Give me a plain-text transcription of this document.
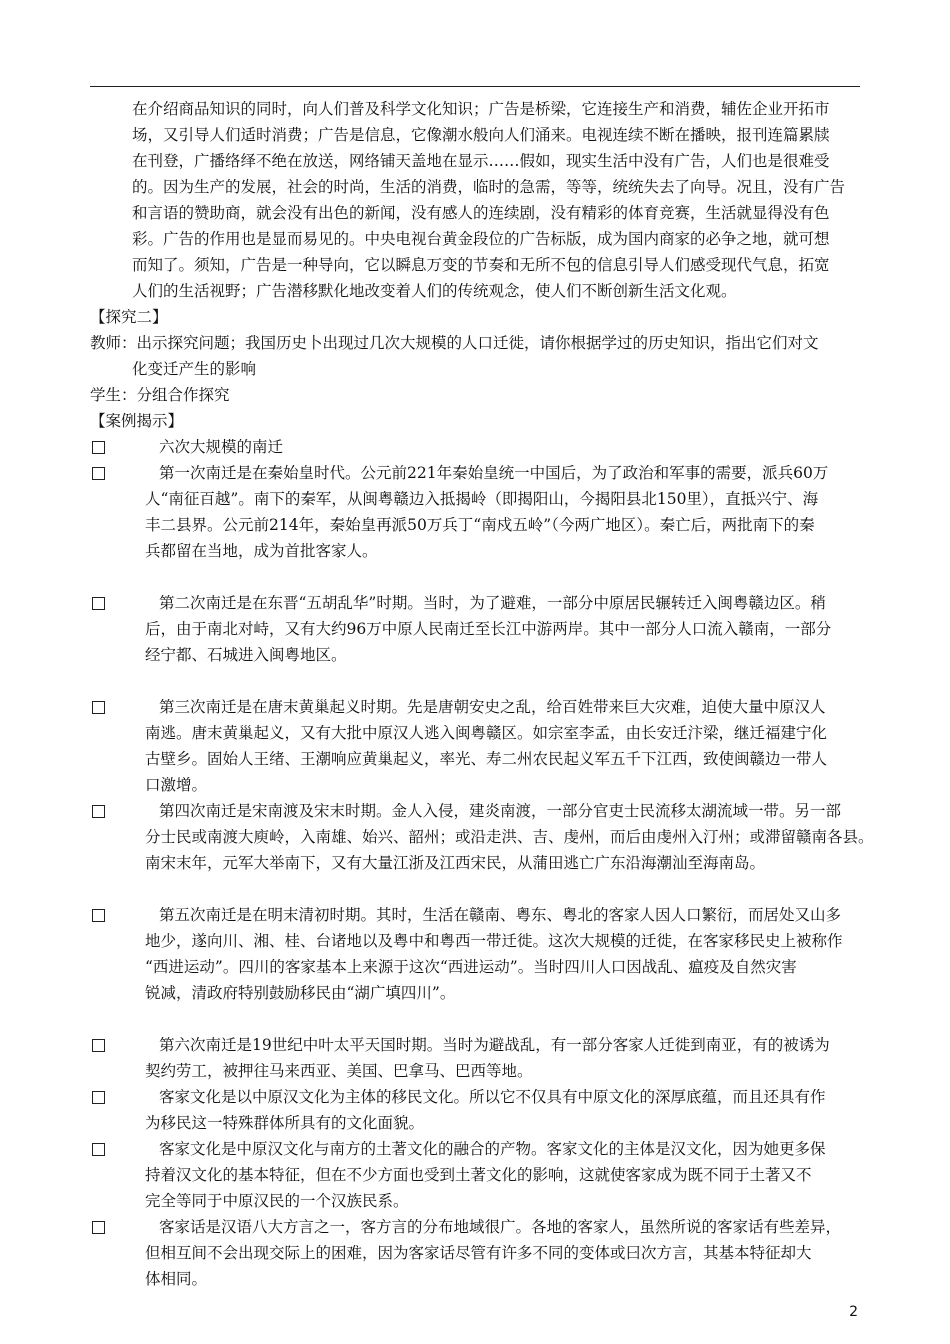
在介绍商品知识的同时，向人们普及科学文化知识；广告是桥梁，它连接生产和消费，辅佐企业开拓市
场，又引导人们适时消费；广告是信息，它像潮水般向人们涌来。电视连续不断在播映，报刊连篇累牍
在刊登，广播络绎不绝在放送，网络铺天盖地在显示……假如，现实生活中没有广告，人们也是很难受
的。因为生产的发展，社会的时尚，生活的消费，临时的急需，等等，统统失去了向导。况且，没有广告
和言语的赞助商，就会没有出色的新闻，没有感人的连续剧，没有精彩的体育竞赛，生活就显得没有色
彩。广告的作用也是显而易见的。中央电视台黄金段位的广告标版，成为国内商家的必争之地，就可想
而知了。须知，广告是一种导向，它以瞬息万变的节奏和无所不包的信息引导人们感受现代气息，拓宽
人们的生活视野；广告潜移默化地改变着人们的传统观念，使人们不断创新生活文化观。
【探究二】
教师：出示探究问题；我国历史卜出现过几次大规模的人口迁徙，请你根据学过的历史知识，指出它们对文
化变迁产生的影响
学生：分组合作探究
【案例揭示】
六次大规模的南迁
第一次南迁是在秦始皇时代。公元前221年秦始皇统一中国后，为了政治和军事的需要，派兵60万
人“南征百越”。南下的秦军，从闽粤赣边入抵揭岭（即揭阳山，今揭阳县北150里），直抵兴宁、海
丰二县界。公元前214年，秦始皇再派50万兵丁“南戍五岭”（今两广地区）。秦亡后，两批南下的秦
兵都留在当地，成为首批客家人。
第二次南迁是在东晋“五胡乱华”时期。当时，为了避难，一部分中原居民辗转迁入闽粤赣边区。稍
后，由于南北对峙，又有大约96万中原人民南迁至长江中游两岸。其中一部分人口流入赣南，一部分
经宁都、石城进入闽粤地区。
第三次南迁是在唐末黄巢起义时期。先是唐朝安史之乱，给百姓带来巨大灾难，迫使大量中原汉人
南逃。唐末黄巢起义，又有大批中原汉人逃入闽粤赣区。如宗室李孟，由长安迁汴梁，继迁福建宁化
古壁乡。固始人王绪、王潮响应黄巢起义，率光、寿二州农民起义军五千下江西，致使闽赣边一带人
口激增。
第四次南迁是宋南渡及宋末时期。金人入侵，建炎南渡，一部分官吏士民流移太湖流域一带。另一部
分士民或南渡大庾岭，入南雄、始兴、韶州；或沿走洪、吉、虔州，而后由虔州入汀州；或滞留赣南各县。
南宋末年，元军大举南下，又有大量江浙及江西宋民，从蒲田逃亡广东沿海潮汕至海南岛。
第五次南迁是在明末清初时期。其时，生活在赣南、粤东、粤北的客家人因人口繁衍，而居处又山多
地少，遂向川、湘、桂、台诸地以及粤中和粤西一带迁徙。这次大规模的迁徙，在客家移民史上被称作
“西进运动”。四川的客家基本上来源于这次“西进运动”。当时四川人口因战乱、瘟疫及自然灾害
锐减，清政府特别鼓励移民由“湖广填四川”。
第六次南迁是19世纪中叶太平天国时期。当时为避战乱，有一部分客家人迁徙到南亚，有的被诱为
契约劳工，被押往马来西亚、美国、巴拿马、巴西等地。
客家文化是以中原汉文化为主体的移民文化。所以它不仅具有中原文化的深厚底蕴，而且还具有作
为移民这一特殊群体所具有的文化面貌。
客家文化是中原汉文化与南方的土著文化的融合的产物。客家文化的主体是汉文化，因为她更多保
持着汉文化的基本特征，但在不少方面也受到土著文化的影响，这就使客家成为既不同于土著又不
完全等同于中原汉民的一个汉族民系。
客家话是汉语八大方言之一，客方言的分布地域很广。各地的客家人，虽然所说的客家话有些差异，
但相互间不会出现交际上的困难，因为客家话尽管有许多不同的变体或曰次方言，其基本特征却大
体相同。
2
